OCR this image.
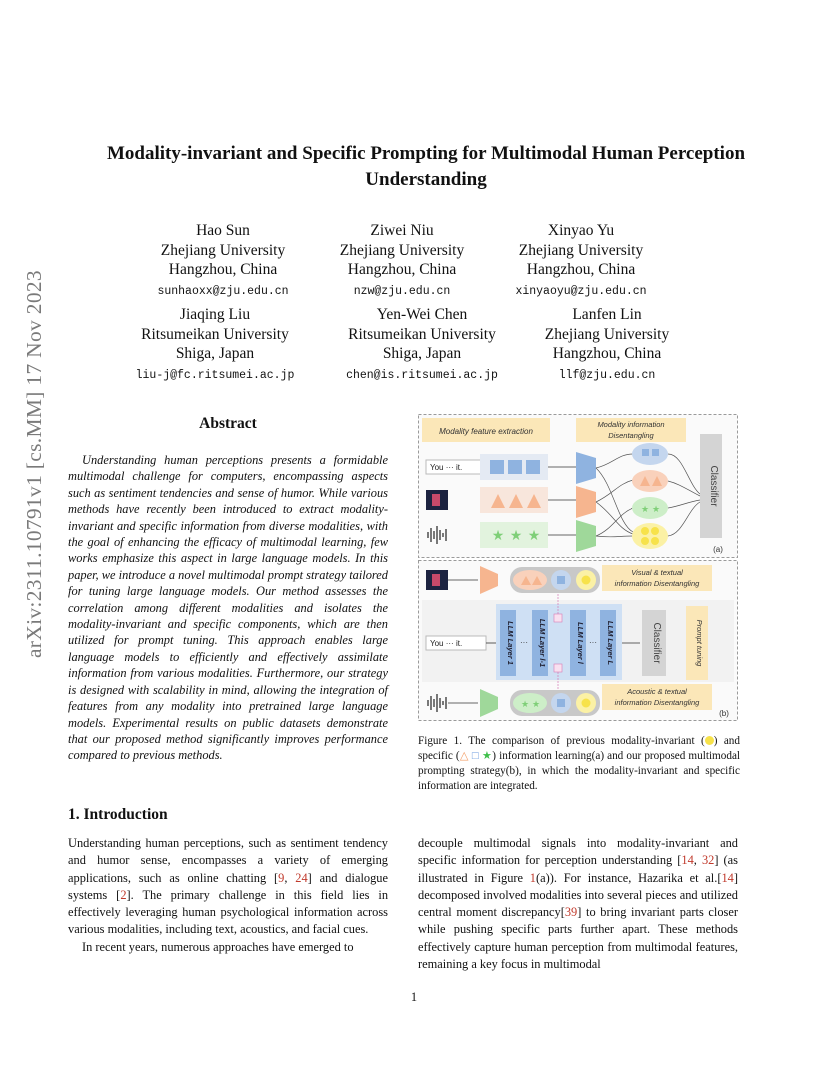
arXiv:2311.10791v1 [cs.MM] 17 Nov 2023
Modality-invariant and Specific Prompting for Multimodal Human Perception
Understanding
Hao Sun
Zhejiang University
Hangzhou, China
sunhaoxx@zju.edu.cn
Ziwei Niu
Zhejiang University
Hangzhou, China
nzw@zju.edu.cn
Xinyao Yu
Zhejiang University
Hangzhou, China
xinyaoyu@zju.edu.cn
Jiaqing Liu
Ritsumeikan University
Shiga, Japan
liu-j@fc.ritsumei.ac.jp
Yen-Wei Chen
Ritsumeikan University
Shiga, Japan
chen@is.ritsumei.ac.jp
Lanfen Lin
Zhejiang University
Hangzhou, China
llf@zju.edu.cn
Abstract
Understanding human perceptions presents a formidable multimodal challenge for computers, encompassing aspects such as sentiment tendencies and sense of humor. While various methods have recently been introduced to extract modality-invariant and specific information from diverse modalities, with the goal of enhancing the efficacy of multimodal learning, few works emphasize this aspect in large language models. In this paper, we introduce a novel multimodal prompt strategy tailored for tuning large language models. Our method assesses the correlation among different modalities and isolates the modality-invariant and specific components, which are then utilized for prompt tuning. This approach enables large language models to efficiently and effectively assimilate information from various modalities. Furthermore, our strategy is designed with scalability in mind, allowing the integration of features from any modality into pretrained large language models. Experimental results on public datasets demonstrate that our proposed method significantly improves performance compared to previous methods.
Modality feature extraction
Modality information
Disentangling
You ··· it.
★ ★ ★
★ ★
Classifier
(a)
Visual & textual
information Disentangling
You ··· it.	LLM Layer 1	LLM Layer l-1	LLM Layer l	LLM Layer L
···	···	Classifier	Prompt tuning
★ ★
Acoustic & textual
information Disentangling
(b)
Figure 1. The comparison of previous modality-invariant ( ) and specific (△ □ ★) information learning(a) and our proposed multimodal prompting strategy(b), in which the modality-invariant and specific information are integrated.
1. Introduction

Understanding human perceptions, such as sentiment tendency and humor sense, encompasses a variety of emerging applications, such as online chatting [9, 24] and dialogue systems [2]. The primary challenge in this field lies in effectively leveraging human psychological information across various modalities, including text, acoustics, and facial cues.

In recent years, numerous approaches have emerged to

decouple multimodal signals into modality-invariant and specific information for perception understanding [14, 32] (as illustrated in Figure 1(a)). For instance, Hazarika et al.[14] decomposed involved modalities into several pieces and utilized central moment discrepancy[39] to bring invariant parts closer while pushing specific parts further apart. These methods effectively capture human perception from multimodal features, remaining a key focus in multimodal

1
